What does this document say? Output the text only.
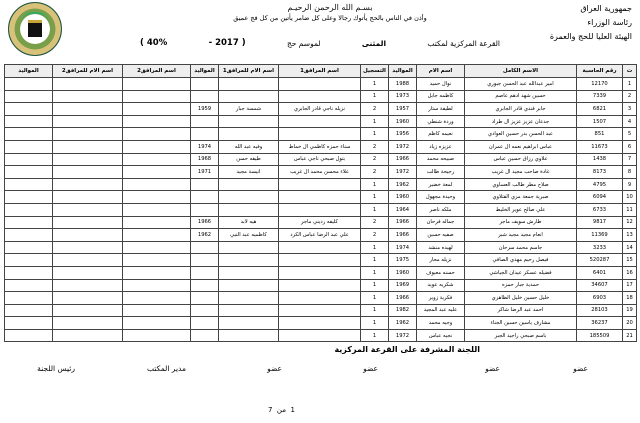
بسـم الله الرحمن الرحيـم
وأذن في الناس بالحج يأتوك رجالا وعلى كل ضامر يأتين من كل فج عميق
جمهورية العراق
رئاسة الوزراء
الهيئة العليا للحج والعمرة
القرعة المركزية لمكتب
المثنى
لموسم حج
( 2017 -
40% )
ت	رقم الحاسبة	الاسم الكامل	اسم الام	المواليد	التسجيل	اسم المرافق1	اسم الام للمرافق1	المواليد	اسم المرافق2	اسم الام للمرافق2	المواليد
1	12170	امير عبدالله عبد الحسن جبوري	نوال حميد	1988	1						
2	7339	حسين شهد ادهم عاصم	كاظمه جابل	1973	1						
3	6821	جابر فندي قادر الجابري	لطيفة ستار	1957	2	نزيله ناجي قادر الجابري	شمسة جبار	1959			
4	1507	جدعان عزيز عزيز ال طراد	وردة شنطي	1960	1						
5	851	عبد الحسن بدر حسين العوادي	نعيمه كاظم	1956	1						
6	11673	عباس ابراهيم نعمه ال عمران	عزيزه زياد	1972	2	سناء حمزه كاظمي ال خماط	وفيه عبد الله	1974			
7	1438	علاوي رزاق حسين عباس	صبيحه محمد	1966	2	بتول صبحي ناجي عباس	طيفه حسن	1968			
8	8173	غادة صاحب مجيد ال غريب	رجيحة طالب	1972	2	علاء محسن محمد ال غريب	انيسة مجيد	1971			
9	4795	صلاح مطر طالب العساوي	لمعة خضير	1962	1						
10	6094	صبرية جمعة مري الفتلاوي	وحيدة مجهول	1960	1						
11	6733	علي صالح عوير الخليط	ملكه ناصر	1964	1						
12	9817	طارش سويف ماجر	جماله فرحان	1966	2	كليفه رديني ماجر	هيه لابد	1966			
13	11369	انعام مجيد مجيد شبر	صفيه حسين	1966	2	علي عبد الرضا عباس الكرد	كاظميه عبد النبي	1962			
14	3233	جاسم محمد سرحان	لهيده منشد	1974	1						
15	520287	فيصل رحيم مهدي الصافي	نزيله محار	1975	1						
16	6401	فضيله عسكر عيدان الجياشي	حسنه معيوف	1960	1						
17	34607	حمدية جبار حمزه	شكريه عويد	1969	1						
18	6903	خليل حسين خليل الظاهري	فكرية زوير	1966	1						
19	28103	احمد عبد الرضا شاكر	عليه عبد المجيد	1982	1						
20	36237	مشارف ياسين حسين الجناء	وجيه محمد	1962	1						
21	185509	باسم صبحي راجيد الجبر	نجيه عباس	1972	1						
اللجنة المشرفة على القرعة المركزية
عضو
عضو
عضو
عضو
مدير المكتب
رئيس اللجنة
1  من  7
